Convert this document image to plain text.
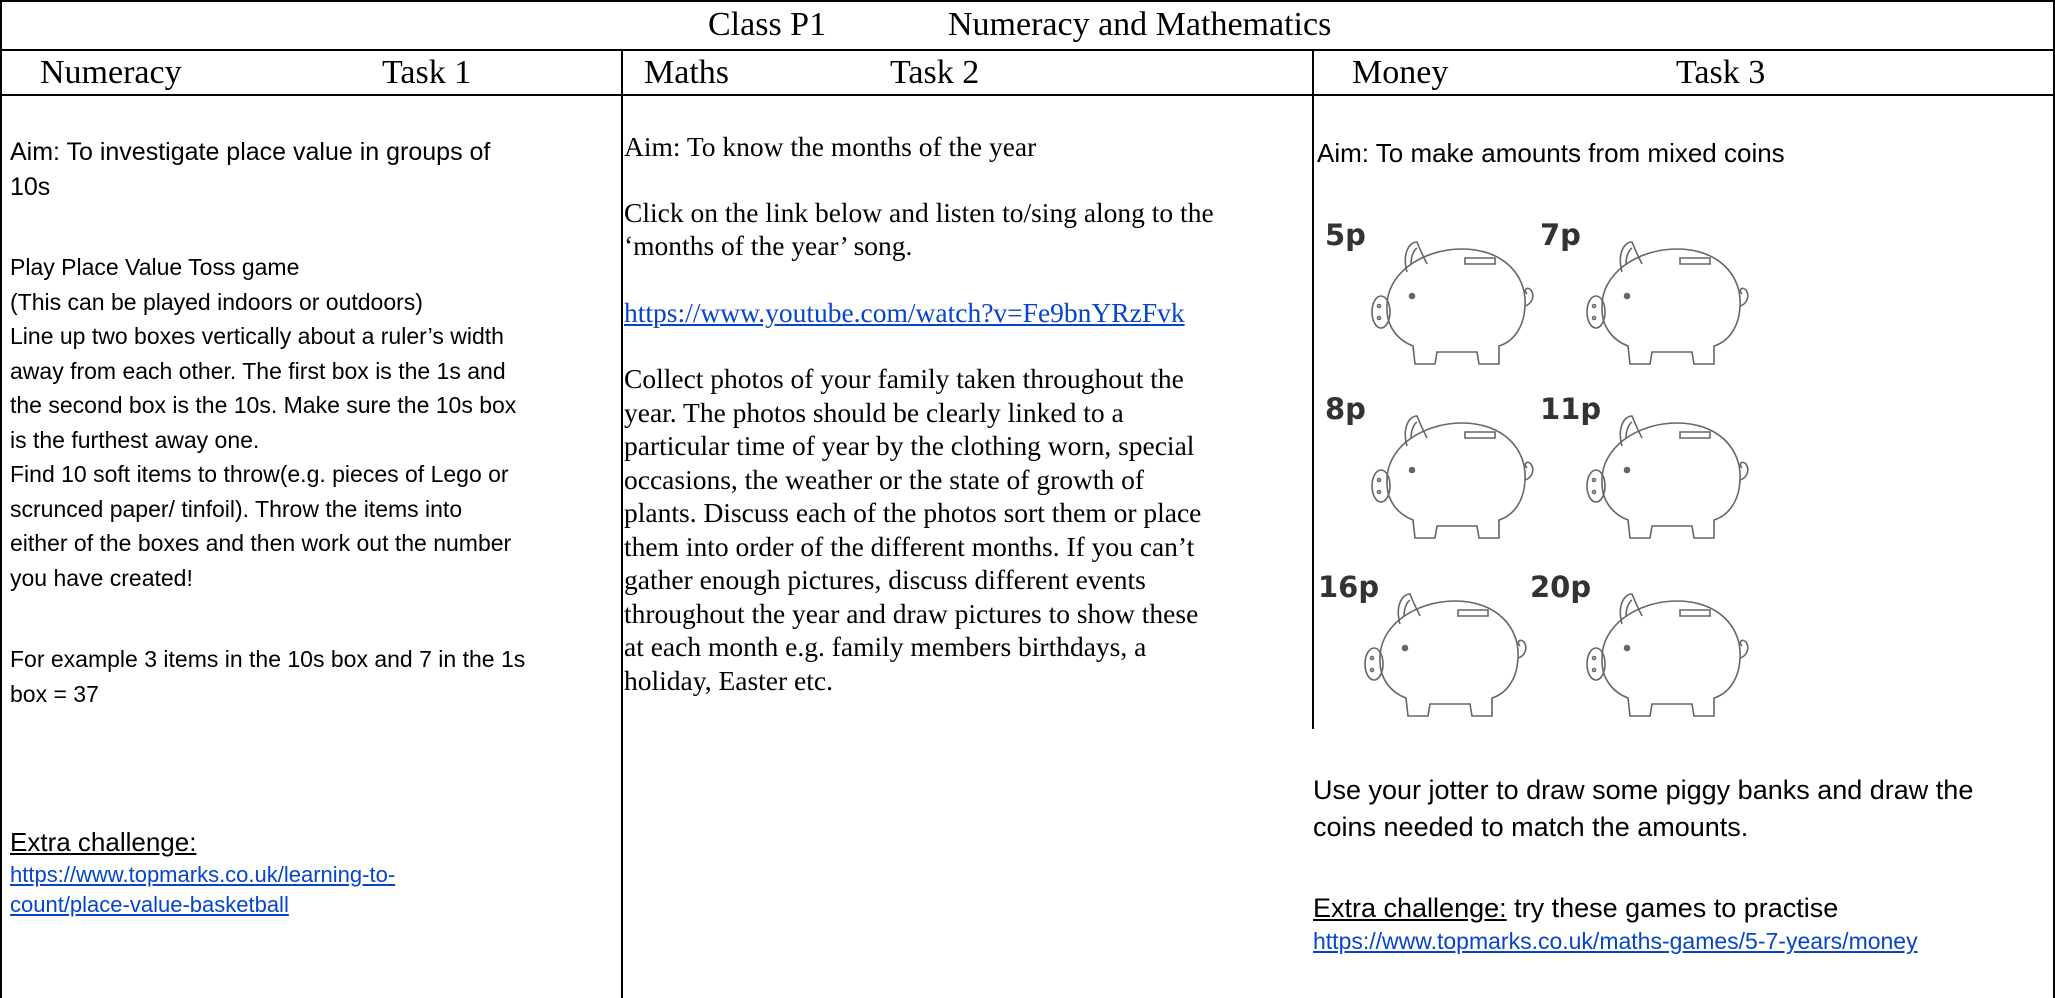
Class P1	Numeracy and Mathematics
Numeracy	Task 1	Maths	Task 2	Money	Task 3

Aim: To investigate place value in groups of

10s

Play Place Value Toss game

(This can be played indoors or outdoors)

Line up two boxes vertically about a ruler’s width

away from each other. The first box is the 1s and

the second box is the 10s. Make sure the 10s box

is the furthest away one.

Find 10 soft items to throw(e.g. pieces of Lego or

scrunced paper/ tinfoil). Throw the items into

either of the boxes and then work out the number

you have created!

For example 3 items in the 10s box and 7 in the 1s

box = 37

Extra challenge:

https://www.topmarks.co.uk/learning-to-
count/place-value-basketball

Aim: To know the months of the year

Click on the link below and listen to/sing along to the

‘months of the year’ song.

https://www.youtube.com/watch?v=Fe9bnYRzFvk

Collect photos of your family taken throughout the

year. The photos should be clearly linked to a

particular time of year by the clothing worn, special

occasions, the weather or the state of growth of

plants. Discuss each of the photos sort them or place

them into order of the different months. If you can’t

gather enough pictures, discuss different events

throughout the year and draw pictures to show these

at each month e.g. family members birthdays, a

holiday, Easter etc.

Aim: To make amounts from mixed coins

5p	7p
8p	11p
16p	20p

Use your jotter to draw some piggy banks and draw the

coins needed to match the amounts.

Extra challenge: try these games to practise

https://www.topmarks.co.uk/maths-games/5-7-years/money
